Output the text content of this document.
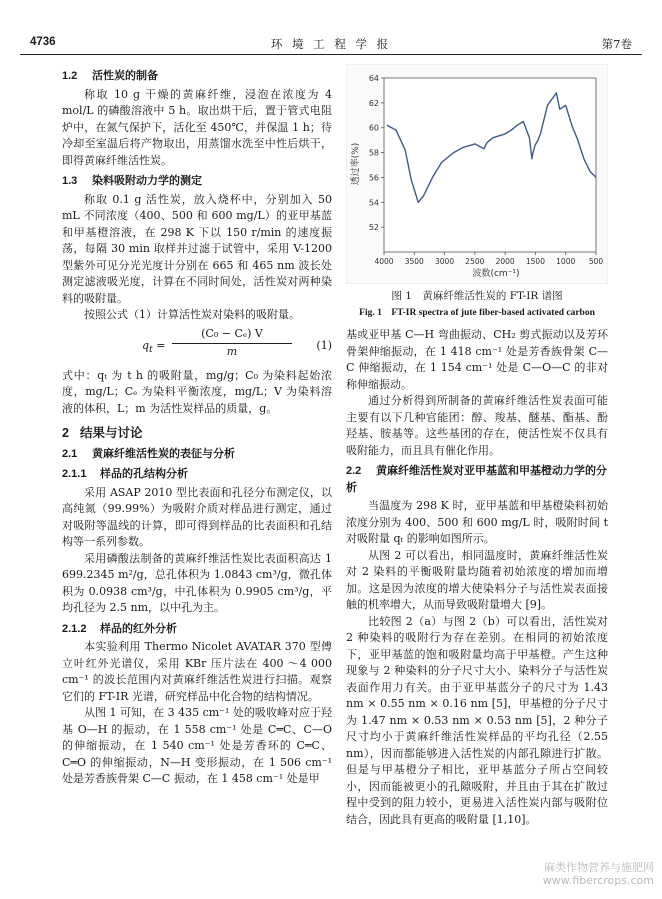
4736	环 境 工 程 学 报	第7卷
1.2 活性炭的制备

称取 10 g 干燥的黄麻纤维，浸泡在浓度为 4 mol/L 的磷酸溶液中 5 h。取出烘干后，置于管式电阻炉中，在氮气保护下，活化至 450℃，并保温 1 h；待冷却至室温后将产物取出，用蒸馏水洗至中性后烘干，即得黄麻纤维活性炭。

1.3 染料吸附动力学的测定

称取 0.1 g 活性炭，放入烧杯中，分别加入 50 mL 不同浓度（400、500 和 600 mg/L）的亚甲基蓝和甲基橙溶液，在 298 K 下以 150 r/min 的速度振荡，每隔 30 min 取样并过滤于试管中，采用 V-1200 型紫外可见分光光度计分别在 665 和 465 nm 波长处测定滤液吸光度，计算在不同时间处，活性炭对两种染料的吸附量。

按照公式（1）计算活性炭对染料的吸附量。

$q_t = \frac{\text{(C₀ − Cₑ) V}}{m} (1)$

式中：qₜ 为 t h 的吸附量，mg/g；C₀ 为染料起始浓度，mg/L；Cₑ 为染料平衡浓度，mg/L；V 为染料溶液的体积，L；m 为活性炭样品的质量，g。

2 结果与讨论
2.1 黄麻纤维活性炭的表征与分析
2.1.1 样品的孔结构分析

采用 ASAP 2010 型比表面和孔径分布测定仪，以高纯氮（99.99%）为吸附介质对样品进行测定，通过对吸附等温线的计算，即可得到样品的比表面积和孔结构等一系列参数。

采用磷酸法制备的黄麻纤维活性炭比表面积高达 1 699.2345 m²/g，总孔体积为 1.0843 cm³/g，微孔体积为 0.0938 cm³/g，中孔体积为 0.9905 cm³/g，平均孔径为 2.5 nm，以中孔为主。

2.1.2 样品的红外分析

本实验利用 Thermo Nicolet AVATAR 370 型傅立叶红外光谱仪，采用 KBr 压片法在 400 ～4 000 cm⁻¹ 的波长范围内对黄麻纤维活性炭进行扫描。观察它们的 FT-IR 光谱，研究样品中化合物的结构情况。

从图 1 可知，在 3 435 cm⁻¹ 处的吸收峰对应于羟基 O—H 的振动，在 1 558 cm⁻¹ 处是 C═C、C—O 的伸缩振动，在 1 540 cm⁻¹ 处是芳香环的 C═C、C═O 的伸缩振动，N—H 变形振动，在 1 506 cm⁻¹ 处是芳香族骨架 C—C 振动，在 1 458 cm⁻¹ 处是甲

52
54
56
58
60
62
64
4000 3500 3000 2500 2000 1500 1000 500
透过率(%)
波数(cm⁻¹)
图 1　黄麻纤维活性炭的 FT-IR 谱图
Fig. 1　FT-IR spectra of jute fiber-based activated carbon

基或亚甲基 C—H 弯曲振动、CH₂ 剪式振动以及芳环骨架伸缩振动，在 1 418 cm⁻¹ 处是芳香族骨架 C—C 伸缩振动，在 1 154 cm⁻¹ 处是 C—O—C 的非对称伸缩振动。

通过分析得到所制备的黄麻纤维活性炭表面可能主要有以下几种官能团：醇、羧基、醚基、酯基、酚羟基、胺基等。这些基团的存在，使活性炭不仅具有吸附能力，而且具有催化作用。

2.2 黄麻纤维活性炭对亚甲基蓝和甲基橙动力学的分析

当温度为 298 K 时，亚甲基蓝和甲基橙染料初始浓度分别为 400、500 和 600 mg/L 时，吸附时间 t 对吸附量 qₜ 的影响如图所示。

从图 2 可以看出，相同温度时，黄麻纤维活性炭对 2 染料的平衡吸附量均随着初始浓度的增加而增加。这是因为浓度的增大使染料分子与活性炭表面接触的机率增大，从而导致吸附量增大 [9]。

比较图 2（a）与图 2（b）可以看出，活性炭对 2 种染料的吸附行为存在差别。在相同的初始浓度下，亚甲基蓝的饱和吸附量均高于甲基橙。产生这种现象与 2 种染料的分子尺寸大小、染料分子与活性炭表面作用力有关。由于亚甲基蓝分子的尺寸为 1.43 nm × 0.55 nm × 0.16 nm [5]，甲基橙的分子尺寸为 1.47 nm × 0.53 nm × 0.53 nm [5]，2 种分子尺寸均小于黄麻纤维活性炭样品的平均孔径（2.55 nm），因而都能够进入活性炭的内部孔隙进行扩散。但是与甲基橙分子相比，亚甲基蓝分子所占空间较小，因而能被更小的孔隙吸附，并且由于其在扩散过程中受到的阻力较小，更易进入活性炭内部与吸附位结合，因此具有更高的吸附量 [1,10]。

麻类作物营养与施肥网
www.fibercrops.com
